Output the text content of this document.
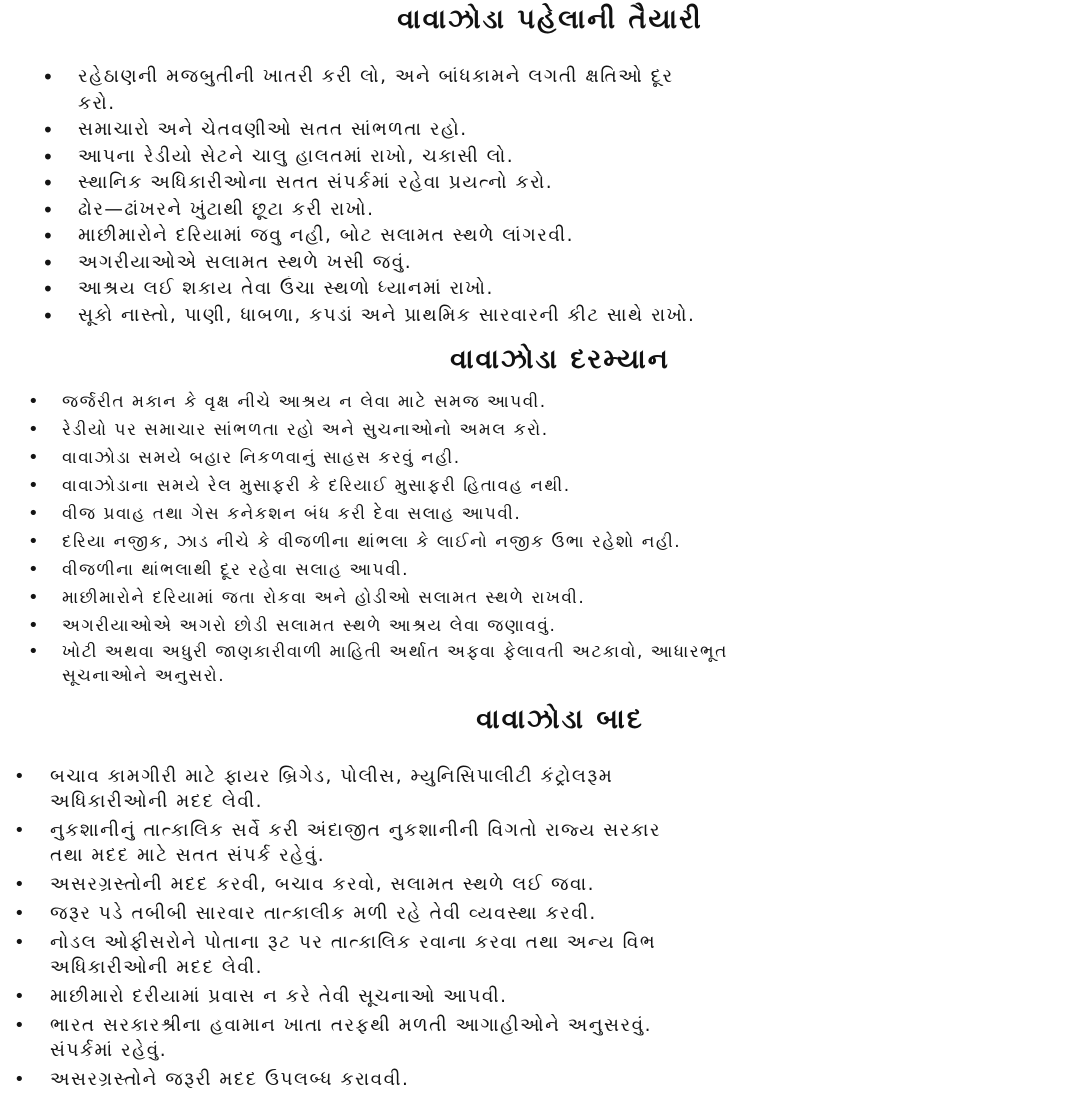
વાવાઝોડા પહેલાની તૈયારી
• રહેઠાણની મજબુતીની ખાતરી કરી લો, અને બાંધકામને લગતી ક્ષતિઓ દૂર
કરો.
• સમાચારો અને ચેતવણીઓ સતત સાંભળતા રહો.
• આપના રેડીયો સેટને ચાલુ હાલતમાં રાખો, ચકાસી લો.
• સ્થાનિક અધિકારીઓના સતત સંપર્કમાં રહેવા પ્રયત્નો કરો.
• ઢોર—ઢાંખરને ખુંટાથી છૂટા કરી રાખો.
• માછીમારોને દરિયામાં જવુ નહી, બોટ સલામત સ્થળે લાંગરવી.
• અગરીયાઓએ સલામત સ્થળે ખસી જવું.
• આશ્રય લઈ શકાય તેવા ઉંચા સ્થળો ધ્યાનમાં રાખો.
• સૂકો નાસ્તો, પાણી, ધાબળા, કપડાં અને પ્રાથમિક સારવારની કીટ સાથે રાખો.
વાવાઝોડા દરમ્યાન
• જર્જરીત મકાન કે વૃક્ષ નીચે આશ્રય ન લેવા માટે સમજ આપવી.
• રેડીયો પર સમાચાર સાંભળતા રહો અને સુચનાઓનો અમલ કરો.
• વાવાઝોડા સમયે બહાર નિકળવાનું સાહસ કરવું નહી.
• વાવાઝોડાના સમયે રેલ મુસાફરી કે દરિયાઈ મુસાફરી હિતાવહ નથી.
• વીજ પ્રવાહ તથા ગેસ કનેકશન બંધ કરી દેવા સલાહ આપવી.
• દરિયા નજીક, ઝાડ નીચે કે વીજળીના થાંભલા કે લાઈનો નજીક ઉભા રહેશો નહી.
• વીજળીના થાંભલાથી દૂર રહેવા સલાહ આપવી.
• માછીમારોને દરિયામાં જતા રોકવા અને હોડીઓ સલામત સ્થળે રાખવી.
• અગરીયાઓએ અગરો છોડી સલામત સ્થળે આશ્રય લેવા જણાવવું.
• ખોટી અથવા અધુરી જાણકારીવાળી માહિતી અર્થાત અફવા ફેલાવતી અટકાવો, આધારભૂત
સૂચનાઓને અનુસરો.
વાવાઝોડા બાદ
• બચાવ કામગીરી માટે ફાયર બ્રિગેડ, પોલીસ, મ્યુનિસિપાલીટી કંટ્રોલરૂમ
અધિકારીઓની મદદ લેવી.
• નુકશાનીનું તાત્કાલિક સર્વે કરી અંદાજીત નુકશાનીની વિગતો રાજ્ય સરકાર
તથા મદદ માટે સતત સંપર્ક રહેવું.
• અસરગ્રસ્તોની મદદ કરવી, બચાવ કરવો, સલામત સ્થળે લઈ જવા.
• જરૂર પડે તબીબી સારવાર તાત્કાલીક મળી રહે તેવી વ્યવસ્થા કરવી.
• નોડલ ઓફીસરોને પોતાના રૂટ પર તાત્કાલિક રવાના કરવા તથા અન્ય વિભ
અધિકારીઓની મદદ લેવી.
• માછીમારો દરીયામાં પ્રવાસ ન કરે તેવી સૂચનાઓ આપવી.
• ભારત સરકારશ્રીના હવામાન ખાતા તરફથી મળતી આગાહીઓને અનુસરવું.
સંપર્કમાં રહેવું.
• અસરગ્રસ્તોને જરૂરી મદદ ઉપલબ્ધ કરાવવી.
